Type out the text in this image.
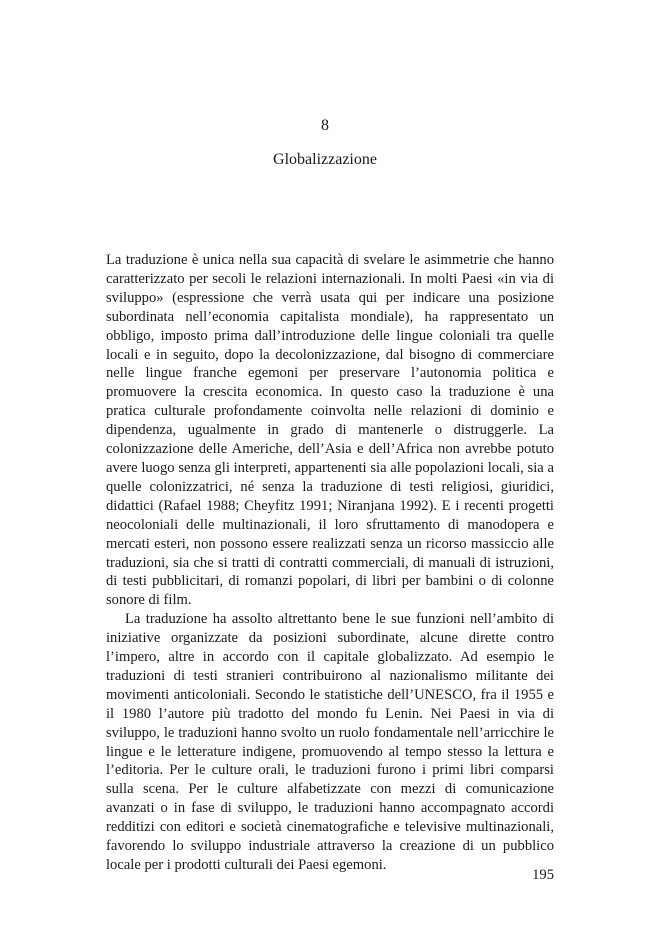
8
Globalizzazione

La traduzione è unica nella sua capacità di svelare le asimmetrie che hanno caratterizzato per secoli le relazioni internazionali. In molti Paesi «in via di sviluppo» (espressione che verrà usata qui per indicare una posizione subordinata nell’economia capitalista mondiale), ha rappresentato un obbligo, imposto prima dall’introduzione delle lingue coloniali tra quelle locali e in seguito, dopo la decolonizzazione, dal bisogno di commerciare nelle lingue franche egemoni per preservare l’autonomia politica e promuovere la crescita economica. In questo caso la traduzione è una pratica culturale profondamente coinvolta nelle relazioni di dominio e dipendenza, ugualmente in grado di mantenerle o distruggerle. La colonizzazione delle Americhe, dell’Asia e dell’Africa non avrebbe potuto avere luogo senza gli interpreti, appartenenti sia alle popolazioni locali, sia a quelle colonizzatrici, né senza la traduzione di testi religiosi, giuridici, didattici (Rafael 1988; Cheyfitz 1991; Niranjana 1992). E i recenti progetti neocoloniali delle multinazionali, il loro sfruttamento di manodopera e mercati esteri, non possono essere realizzati senza un ricorso massiccio alle traduzioni, sia che si tratti di contratti commerciali, di manuali di istruzioni, di testi pubblicitari, di romanzi popolari, di libri per bambini o di colonne sonore di film.

La traduzione ha assolto altrettanto bene le sue funzioni nell’ambito di iniziative organizzate da posizioni subordinate, alcune dirette contro l’impero, altre in accordo con il capitale globalizzato. Ad esempio le traduzioni di testi stranieri contribuirono al nazionalismo militante dei movimenti anticoloniali. Secondo le statistiche dell’UNESCO, fra il 1955 e il 1980 l’autore più tradotto del mondo fu Lenin. Nei Paesi in via di sviluppo, le traduzioni hanno svolto un ruolo fondamentale nell’arricchire le lingue e le letterature indigene, promuovendo al tempo stesso la lettura e l’editoria. Per le culture orali, le traduzioni furono i primi libri comparsi sulla scena. Per le culture alfabetizzate con mezzi di comunicazione avanzati o in fase di sviluppo, le traduzioni hanno accompagnato accordi redditizi con editori e società cinematografiche e televisive multinazionali, favorendo lo sviluppo industriale attraverso la creazione di un pubblico locale per i prodotti culturali dei Paesi egemoni.

195
